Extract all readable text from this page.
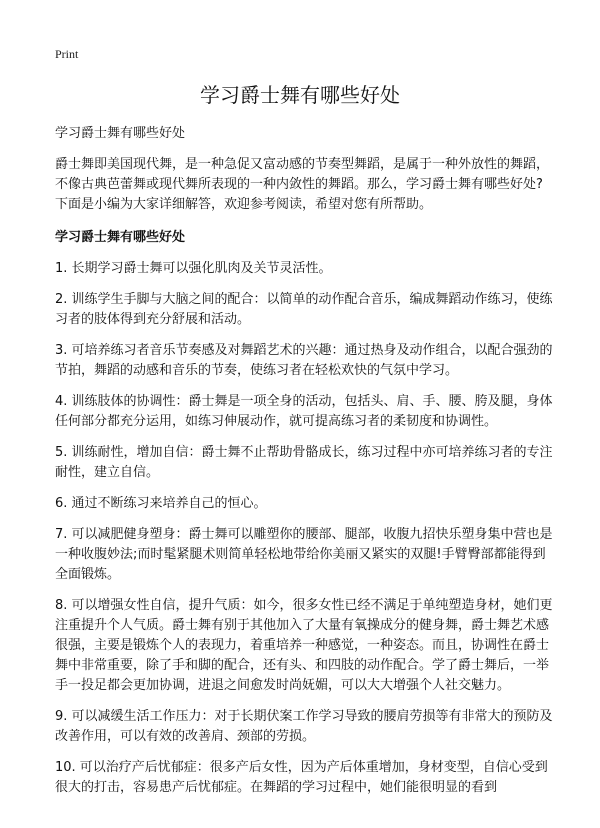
Print
学习爵士舞有哪些好处

学习爵士舞有哪些好处

爵士舞即美国现代舞，是一种急促又富动感的节奏型舞蹈，是属于一种外放性的舞蹈，不像古典芭蕾舞或现代舞所表现的一种内敛性的舞蹈。那么，学习爵士舞有哪些好处?下面是小编为大家详细解答，欢迎参考阅读，希望对您有所帮助。

学习爵士舞有哪些好处

1. 长期学习爵士舞可以强化肌肉及关节灵活性。
2. 训练学生手脚与大脑之间的配合：以简单的动作配合音乐，编成舞蹈动作练习，使练习者的肢体得到充分舒展和活动。
3. 可培养练习者音乐节奏感及对舞蹈艺术的兴趣：通过热身及动作组合，以配合强劲的节拍，舞蹈的动感和音乐的节奏，使练习者在轻松欢快的气氛中学习。
4. 训练肢体的协调性：爵士舞是一项全身的活动，包括头、肩、手、腰、胯及腿，身体任何部分都充分运用，如练习伸展动作，就可提高练习者的柔韧度和协调性。
5. 训练耐性，增加自信：爵士舞不止帮助骨骼成长，练习过程中亦可培养练习者的专注耐性，建立自信。
6. 通过不断练习来培养自己的恒心。
7. 可以减肥健身塑身：爵士舞可以雕塑你的腰部、腿部，收腹九招快乐塑身集中营也是一种收腹妙法;而时髦紧腿术则简单轻松地带给你美丽又紧实的双腿!手臂臀部都能得到全面锻炼。
8. 可以增强女性自信，提升气质：如今，很多女性已经不满足于单纯塑造身材，她们更注重提升个人气质。爵士舞有别于其他加入了大量有氧操成分的健身舞，爵士舞艺术感很强，主要是锻炼个人的表现力，着重培养一种感觉，一种姿态。而且，协调性在爵士舞中非常重要，除了手和脚的配合，还有头、和四肢的动作配合。学了爵士舞后，一举手一投足都会更加协调，进退之间愈发时尚妩媚，可以大大增强个人社交魅力。
9. 可以减缓生活工作压力：对于长期伏案工作学习导致的腰肩劳损等有非常大的预防及改善作用，可以有效的改善肩、颈部的劳损。
10. 可以治疗产后忧郁症：很多产后女性，因为产后体重增加，身材变型，自信心受到很大的打击，容易患产后忧郁症。在舞蹈的学习过程中，她们能很明显的看到
